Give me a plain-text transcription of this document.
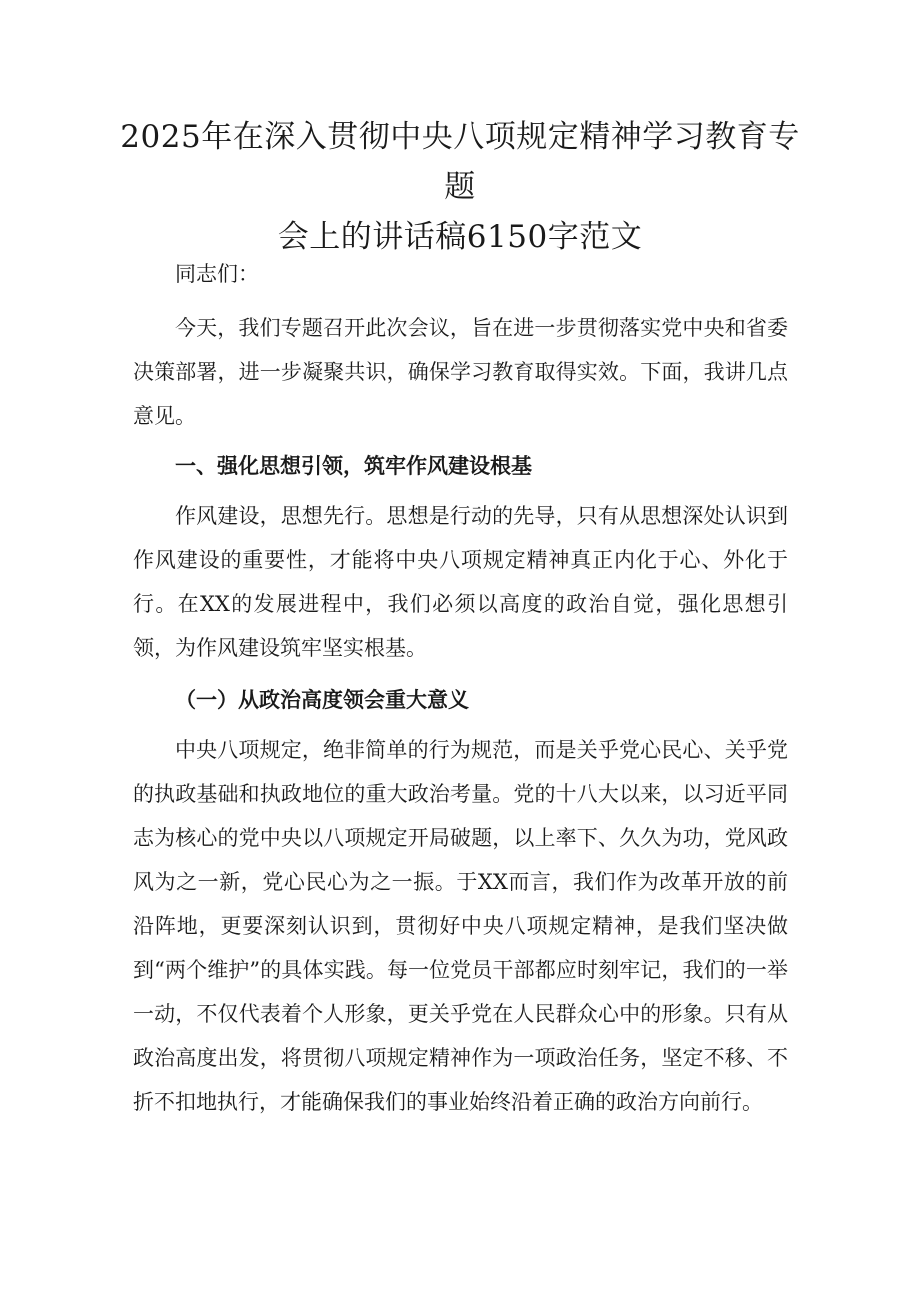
2025年在深入贯彻中央八项规定精神学习教育专题
会上的讲话稿6150字范文

同志们：

今天，我们专题召开此次会议，旨在进一步贯彻落实党中央和省委决策部署，进一步凝聚共识，确保学习教育取得实效。下面，我讲几点意见。

一、强化思想引领，筑牢作风建设根基

作风建设，思想先行。思想是行动的先导，只有从思想深处认识到作风建设的重要性，才能将中央八项规定精神真正内化于心、外化于行。在XX的发展进程中，我们必须以高度的政治自觉，强化思想引领，为作风建设筑牢坚实根基。

（一）从政治高度领会重大意义

中央八项规定，绝非简单的行为规范，而是关乎党心民心、关乎党的执政基础和执政地位的重大政治考量。党的十八大以来，以习近平同志为核心的党中央以八项规定开局破题，以上率下、久久为功，党风政风为之一新，党心民心为之一振。于XX而言，我们作为改革开放的前沿阵地，更要深刻认识到，贯彻好中央八项规定精神，是我们坚决做到“两个维护”的具体实践。每一位党员干部都应时刻牢记，我们的一举一动，不仅代表着个人形象，更关乎党在人民群众心中的形象。只有从政治高度出发，将贯彻八项规定精神作为一项政治任务，坚定不移、不折不扣地执行，才能确保我们的事业始终沿着正确的政治方向前行。
